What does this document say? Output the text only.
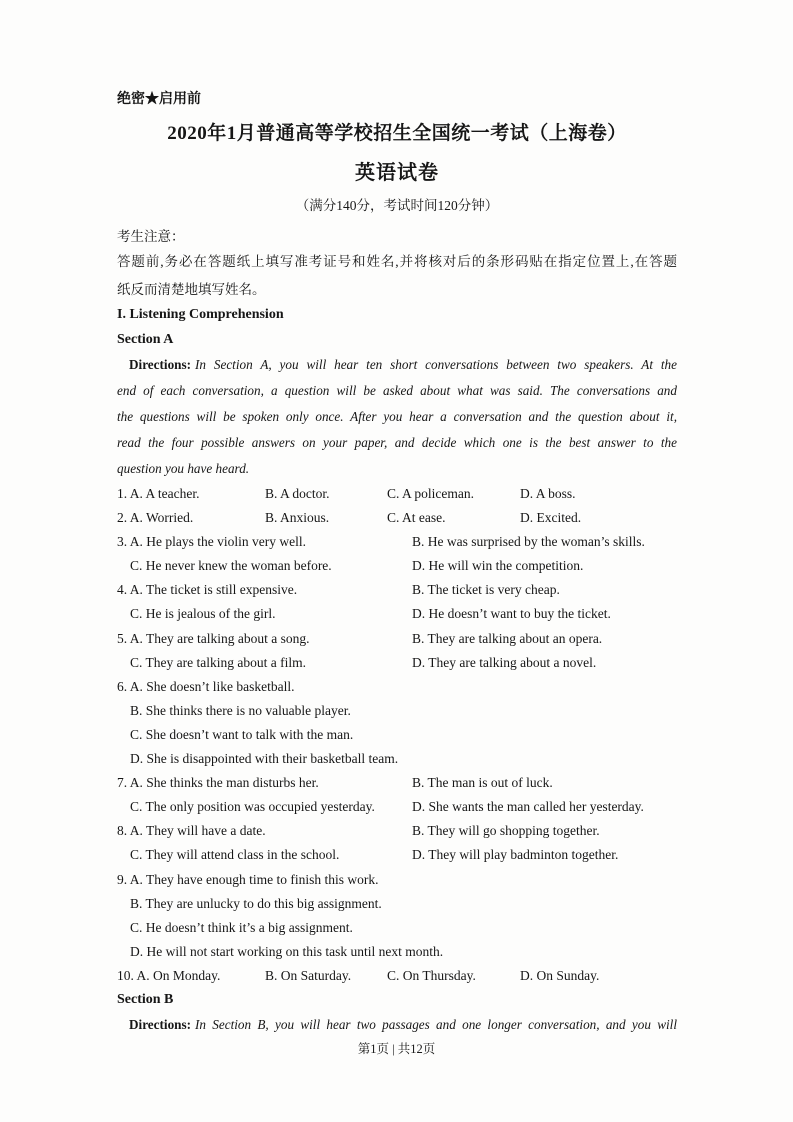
绝密★启用前
2020年1月普通高等学校招生全国统一考试（上海卷）
英语试卷
（满分140分，考试时间120分钟）
考生注意：
答题前,务必在答题纸上填写准考证号和姓名,并将核对后的条形码贴在指定位置上,在答题
纸反而清楚地填写姓名。
I. Listening Comprehension
Section A
Directions: In Section A, you will hear ten short conversations between two speakers. At the
end of each conversation, a question will be asked about what was said. The conversations and
the questions will be spoken only once. After you hear a conversation and the question about it,
read the four possible answers on your paper, and decide which one is the best answer to the
question you have heard.
1. A. A teacher.	B. A doctor.	C. A policeman.	D. A boss.
2. A. Worried.	B. Anxious.	C. At ease.	D. Excited.
3. A. He plays the violin very well.	B. He was surprised by the woman’s skills.
C. He never knew the woman before.	D. He will win the competition.
4. A. The ticket is still expensive.	B. The ticket is very cheap.
C. He is jealous of the girl.	D. He doesn’t want to buy the ticket.
5. A. They are talking about a song.	B. They are talking about an opera.
C. They are talking about a film.	D. They are talking about a novel.
6. A. She doesn’t like basketball.
B. She thinks there is no valuable player.
C. She doesn’t want to talk with the man.
D. She is disappointed with their basketball team.
7. A. She thinks the man disturbs her.	B. The man is out of luck.
C. The only position was occupied yesterday.	D. She wants the man called her yesterday.
8. A. They will have a date.	B. They will go shopping together.
C. They will attend class in the school.	D. They will play badminton together.
9. A. They have enough time to finish this work.
B. They are unlucky to do this big assignment.
C. He doesn’t think it’s a big assignment.
D. He will not start working on this task until next month.
10. A. On Monday.	B. On Saturday.	C. On Thursday.	D. On Sunday.
Section B
Directions: In Section B, you will hear two passages and one longer conversation, and you will
第1页 | 共12页
